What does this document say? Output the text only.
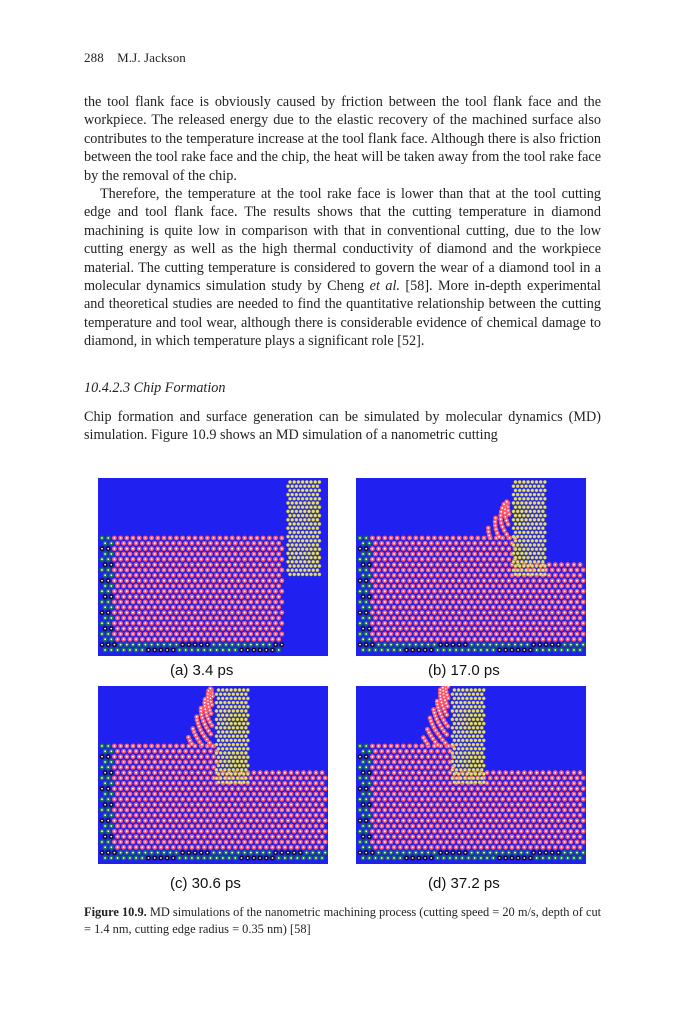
288 M.J. Jackson

the tool flank face is obviously caused by friction between the tool flank face and the workpiece. The released energy due to the elastic recovery of the machined surface also contributes to the temperature increase at the tool flank face. Although there is also friction between the tool rake face and the chip, the heat will be taken away from the tool rake face by the removal of the chip.

Therefore, the temperature at the tool rake face is lower than that at the tool cutting edge and tool flank face. The results shows that the cutting temperature in diamond machining is quite low in comparison with that in conventional cutting, due to the low cutting energy as well as the high thermal conductivity of diamond and the workpiece material. The cutting temperature is considered to govern the wear of a diamond tool in a molecular dynamics simulation study by Cheng et al. [58]. More in-depth experimental and theoretical studies are needed to find the quantitative relationship between the cutting temperature and tool wear, although there is considerable evidence of chemical damage to diamond, in which temperature plays a significant role [52].

10.4.2.3 Chip Formation

Chip formation and surface generation can be simulated by molecular dynamics (MD) simulation. Figure 10.9 shows an MD simulation of a nanometric cutting

(a) 3.4 ps	(b) 17.0 ps
(c) 30.6 ps	(d) 37.2 ps
Figure 10.9. MD simulations of the nanometric machining process (cutting speed = 20 m/s, depth of cut = 1.4 nm, cutting edge radius = 0.35 nm) [58]
